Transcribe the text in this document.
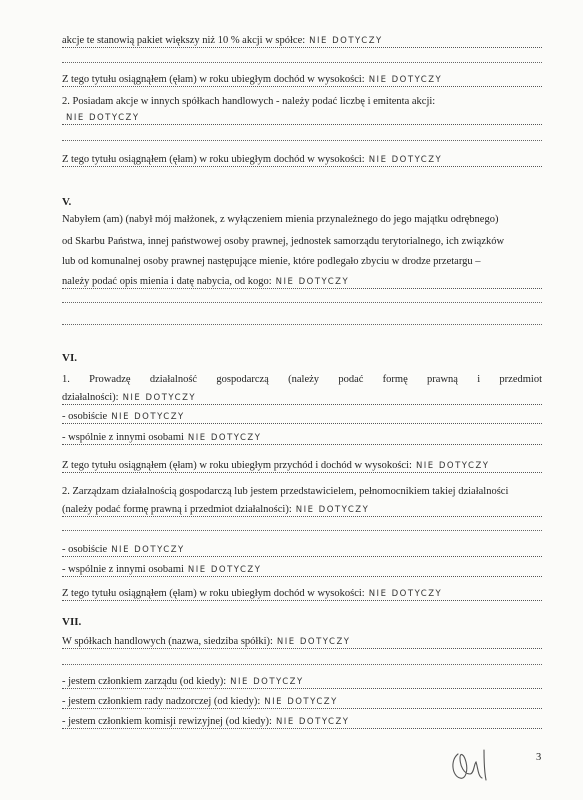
akcje te stanowią pakiet większy niż 10 % akcji w spółce: NIE DOTYCZY
Z tego tytułu osiągnąłem (ęłam) w roku ubiegłym dochód w wysokości: NIE DOTYCZY
2. Posiadam akcje w innych spółkach handlowych - należy podać liczbę i emitenta akcji:
NIE DOTYCZY
Z tego tytułu osiągnąłem (ęłam) w roku ubiegłym dochód w wysokości: NIE DOTYCZY
V.
Nabyłem (am) (nabył mój małżonek, z wyłączeniem mienia przynależnego do jego majątku odrębnego)
od Skarbu Państwa, innej państwowej osoby prawnej, jednostek samorządu terytorialnego, ich związków
lub od komunalnej osoby prawnej następujące mienie, które podlegało zbyciu w drodze przetargu –
należy podać opis mienia i datę nabycia, od kogo: NIE DOTYCZY
VI.
1. Prowadzę działalność gospodarczą (należy podać formę prawną i przedmiot
działalności): NIE DOTYCZY
- osobiście NIE DOTYCZY
- wspólnie z innymi osobami NIE DOTYCZY
Z tego tytułu osiągnąłem (ęłam) w roku ubiegłym przychód i dochód w wysokości: NIE DOTYCZY
2. Zarządzam działalnością gospodarczą lub jestem przedstawicielem, pełnomocnikiem takiej działalności
(należy podać formę prawną i przedmiot działalności): NIE DOTYCZY
- osobiście NIE DOTYCZY
- wspólnie z innymi osobami NIE DOTYCZY
Z tego tytułu osiągnąłem (ęłam) w roku ubiegłym dochód w wysokości: NIE DOTYCZY
VII.
W spółkach handlowych (nazwa, siedziba spółki): NIE DOTYCZY
- jestem członkiem zarządu (od kiedy): NIE DOTYCZY
- jestem członkiem rady nadzorczej (od kiedy): NIE DOTYCZY
- jestem członkiem komisji rewizyjnej (od kiedy): NIE DOTYCZY
3
